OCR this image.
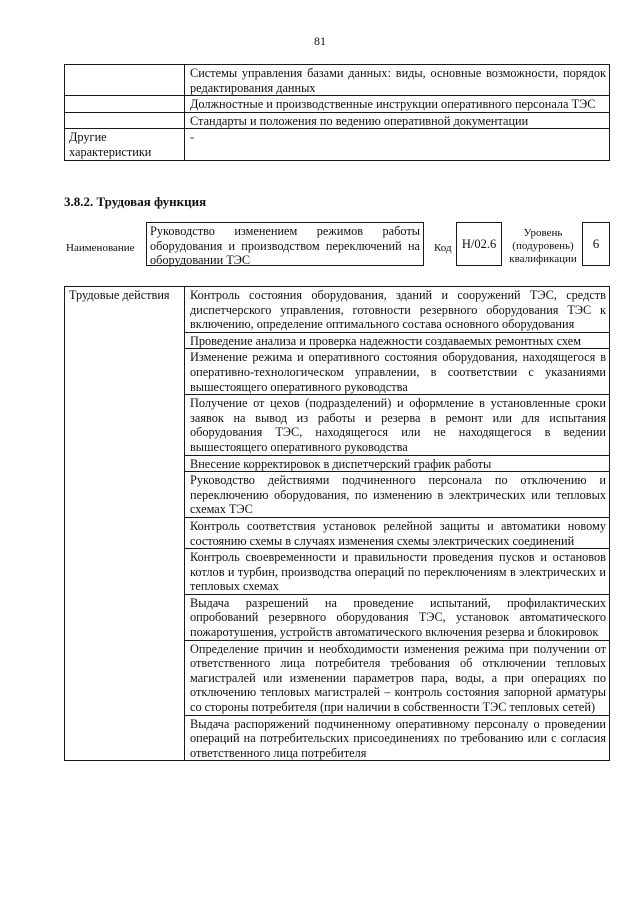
81
	Системы управления базами данных: виды, основные возможности, порядок редактирования данных
	Должностные и производственные инструкции оперативного персонала ТЭС
	Стандарты и положения по ведению оперативной документации
Другие характеристики	-
3.8.2. Трудовая функция
Наименование
Руководство изменением режимов работы оборудования и производством переключений на оборудовании ТЭС
Код Н/02.6
Уровень (подуровень) квалификации
6
Трудовые действия	Контроль состояния оборудования, зданий и сооружений ТЭС, средств диспетчерского управления, готовности резервного оборудования ТЭС к включению, определение оптимального состава основного оборудования
Проведение анализа и проверка надежности создаваемых ремонтных схем
Изменение режима и оперативного состояния оборудования, находящегося в оперативно-технологическом управлении, в соответствии с указаниями вышестоящего оперативного руководства
Получение от цехов (подразделений) и оформление в установленные сроки заявок на вывод из работы и резерва в ремонт или для испытания оборудования ТЭС, находящегося или не находящегося в ведении вышестоящего оперативного руководства
Внесение корректировок в диспетчерский график работы
Руководство действиями подчиненного персонала по отключению и переключению оборудования, по изменению в электрических или тепловых схемах ТЭС
Контроль соответствия установок релейной защиты и автоматики новому состоянию схемы в случаях изменения схемы электрических соединений
Контроль своевременности и правильности проведения пусков и остановов котлов и турбин, производства операций по переключениям в электрических и тепловых схемах
Выдача разрешений на проведение испытаний, профилактических опробований резервного оборудования ТЭС, установок автоматического пожаротушения, устройств автоматического включения резерва и блокировок
Определение причин и необходимости изменения режима при получении от ответственного лица потребителя требования об отключении тепловых магистралей или изменении параметров пара, воды, а при операциях по отключению тепловых магистралей – контроль состояния запорной арматуры со стороны потребителя (при наличии в собственности ТЭС тепловых сетей)
Выдача распоряжений подчиненному оперативному персоналу о проведении операций на потребительских присоединениях по требованию или с согласия ответственного лица потребителя
